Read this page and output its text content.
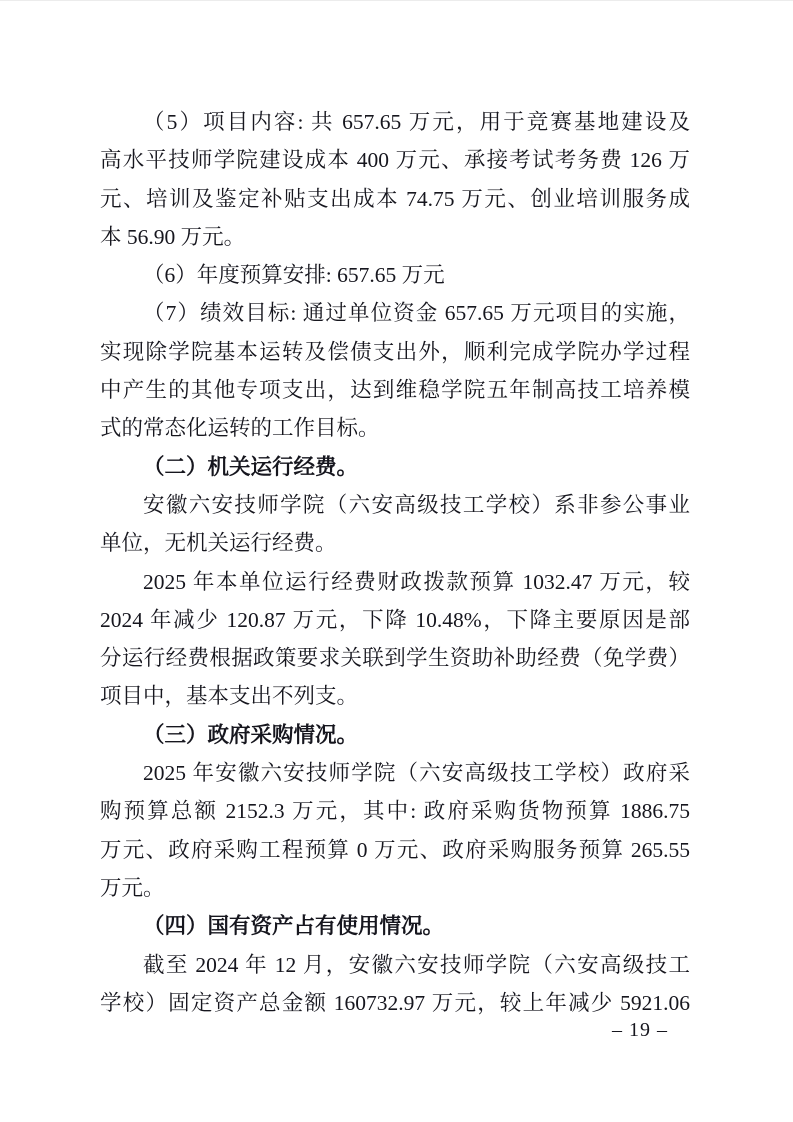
（5）项目内容: 共 657.65 万元，用于竞赛基地建设及
高水平技师学院建设成本 400 万元、承接考试考务费 126 万
元、培训及鉴定补贴支出成本 74.75 万元、创业培训服务成
本 56.90 万元。
（6）年度预算安排: 657.65 万元
（7）绩效目标: 通过单位资金 657.65 万元项目的实施，
实现除学院基本运转及偿债支出外，顺利完成学院办学过程
中产生的其他专项支出，达到维稳学院五年制高技工培养模
式的常态化运转的工作目标。
（二）机关运行经费。
安徽六安技师学院（六安高级技工学校）系非参公事业
单位，无机关运行经费。
2025 年本单位运行经费财政拨款预算 1032.47 万元，较
2024 年减少 120.87 万元，下降 10.48%，下降主要原因是部
分运行经费根据政策要求关联到学生资助补助经费（免学费）
项目中，基本支出不列支。
（三）政府采购情况。
2025 年安徽六安技师学院（六安高级技工学校）政府采
购预算总额 2152.3 万元，其中: 政府采购货物预算 1886.75
万元、政府采购工程预算 0 万元、政府采购服务预算 265.55
万元。
（四）国有资产占有使用情况。
截至 2024 年 12 月，安徽六安技师学院（六安高级技工
学校）固定资产总金额 160732.97 万元，较上年减少 5921.06
– 19 –
